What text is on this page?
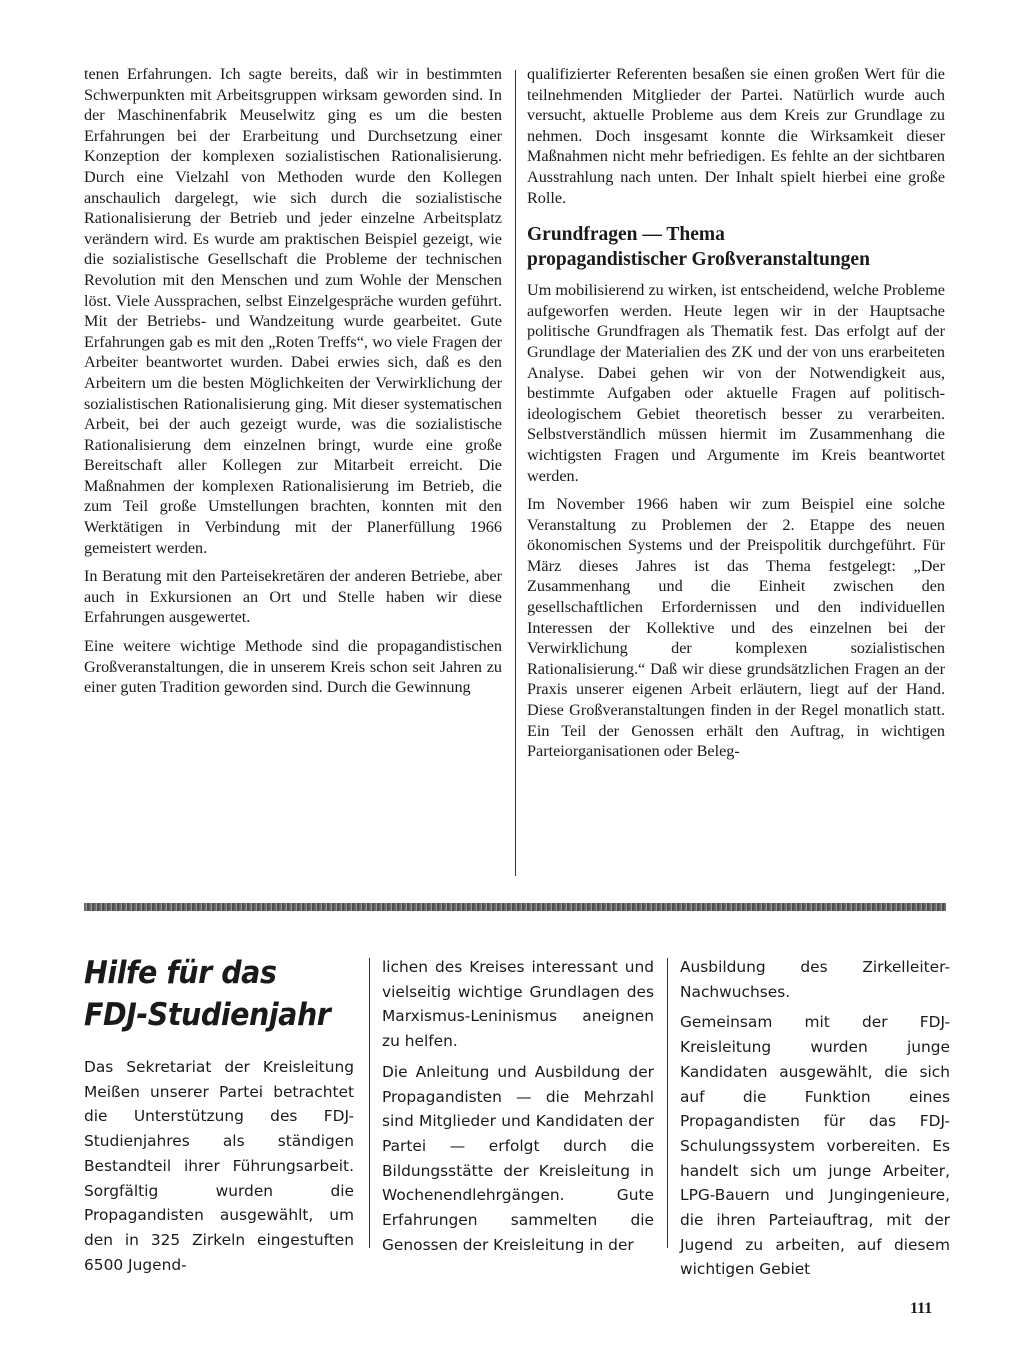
tenen Erfahrungen. Ich sagte bereits, daß wir in bestimmten Schwerpunkten mit Arbeitsgruppen wirksam geworden sind. In der Maschinenfabrik Meuselwitz ging es um die besten Erfahrungen bei der Erarbeitung und Durchsetzung einer Konzeption der komplexen sozialistischen Rationalisierung. Durch eine Vielzahl von Methoden wurde den Kollegen anschaulich dargelegt, wie sich durch die sozialistische Rationalisierung der Betrieb und jeder einzelne Arbeitsplatz verändern wird. Es wurde am praktischen Beispiel gezeigt, wie die sozialistische Gesellschaft die Probleme der technischen Revolution mit den Menschen und zum Wohle der Menschen löst. Viele Aussprachen, selbst Einzelgespräche wurden geführt. Mit der Betriebs- und Wandzeitung wurde gearbeitet. Gute Erfahrungen gab es mit den „Roten Treffs“, wo viele Fragen der Arbeiter beantwortet wurden. Dabei erwies sich, daß es den Arbeitern um die besten Möglichkeiten der Verwirklichung der sozialistischen Rationalisierung ging. Mit dieser systematischen Arbeit, bei der auch gezeigt wurde, was die sozialistische Rationalisierung dem einzelnen bringt, wurde eine große Bereitschaft aller Kollegen zur Mitarbeit erreicht. Die Maßnahmen der komplexen Rationalisierung im Betrieb, die zum Teil große Umstellungen brachten, konnten mit den Werktätigen in Verbindung mit der Planerfüllung 1966 gemeistert werden.

In Beratung mit den Parteisekretären der anderen Betriebe, aber auch in Exkursionen an Ort und Stelle haben wir diese Erfahrungen ausgewertet.

Eine weitere wichtige Methode sind die propagandistischen Großveranstaltungen, die in unserem Kreis schon seit Jahren zu einer guten Tradition geworden sind. Durch die Gewinnung

qualifizierter Referenten besaßen sie einen großen Wert für die teilnehmenden Mitglieder der Partei. Natürlich wurde auch versucht, aktuelle Probleme aus dem Kreis zur Grundlage zu nehmen. Doch insgesamt konnte die Wirksamkeit dieser Maßnahmen nicht mehr befriedigen. Es fehlte an der sichtbaren Ausstrahlung nach unten. Der Inhalt spielt hierbei eine große Rolle.

Grundfragen — Thema
propagandistischer Großveranstaltungen

Um mobilisierend zu wirken, ist entscheidend, welche Probleme aufgeworfen werden. Heute legen wir in der Hauptsache politische Grundfragen als Thematik fest. Das erfolgt auf der Grundlage der Materialien des ZK und der von uns erarbeiteten Analyse. Dabei gehen wir von der Notwendigkeit aus, bestimmte Aufgaben oder aktuelle Fragen auf politisch-ideologischem Gebiet theoretisch besser zu verarbeiten. Selbstverständlich müssen hiermit im Zusammenhang die wichtigsten Fragen und Argumente im Kreis beantwortet werden.

Im November 1966 haben wir zum Beispiel eine solche Veranstaltung zu Problemen der 2. Etappe des neuen ökonomischen Systems und der Preispolitik durchgeführt. Für März dieses Jahres ist das Thema festgelegt: „Der Zusammenhang und die Einheit zwischen den gesellschaftlichen Erfordernissen und den individuellen Interessen der Kollektive und des einzelnen bei der Verwirklichung der komplexen sozialistischen Rationalisierung.“ Daß wir diese grundsätzlichen Fragen an der Praxis unserer eigenen Arbeit erläutern, liegt auf der Hand. Diese Großveranstaltungen finden in der Regel monatlich statt. Ein Teil der Genossen erhält den Auftrag, in wichtigen Parteiorganisationen oder Beleg-

Hilfe für das
FDJ-Studienjahr

Das Sekretariat der Kreisleitung Meißen unserer Partei betrachtet die Unterstützung des FDJ-Studienjahres als ständigen Bestandteil ihrer Führungsarbeit. Sorgfältig wurden die Propagandisten ausgewählt, um den in 325 Zirkeln eingestuften 6500 Jugend-

lichen des Kreises interessant und vielseitig wichtige Grundlagen des Marxismus-Leninismus aneignen zu helfen.

Die Anleitung und Ausbildung der Propagandisten — die Mehrzahl sind Mitglieder und Kandidaten der Partei — erfolgt durch die Bildungsstätte der Kreisleitung in Wochenendlehrgängen. Gute Erfahrungen sammelten die Genossen der Kreisleitung in der

Ausbildung des Zirkelleiter-Nachwuchses.

Gemeinsam mit der FDJ-Kreisleitung wurden junge Kandidaten ausgewählt, die sich auf die Funktion eines Propagandisten für das FDJ-Schulungssystem vorbereiten. Es handelt sich um junge Arbeiter, LPG-Bauern und Jungingenieure, die ihren Parteiauftrag, mit der Jugend zu arbeiten, auf diesem wichtigen Gebiet

111
